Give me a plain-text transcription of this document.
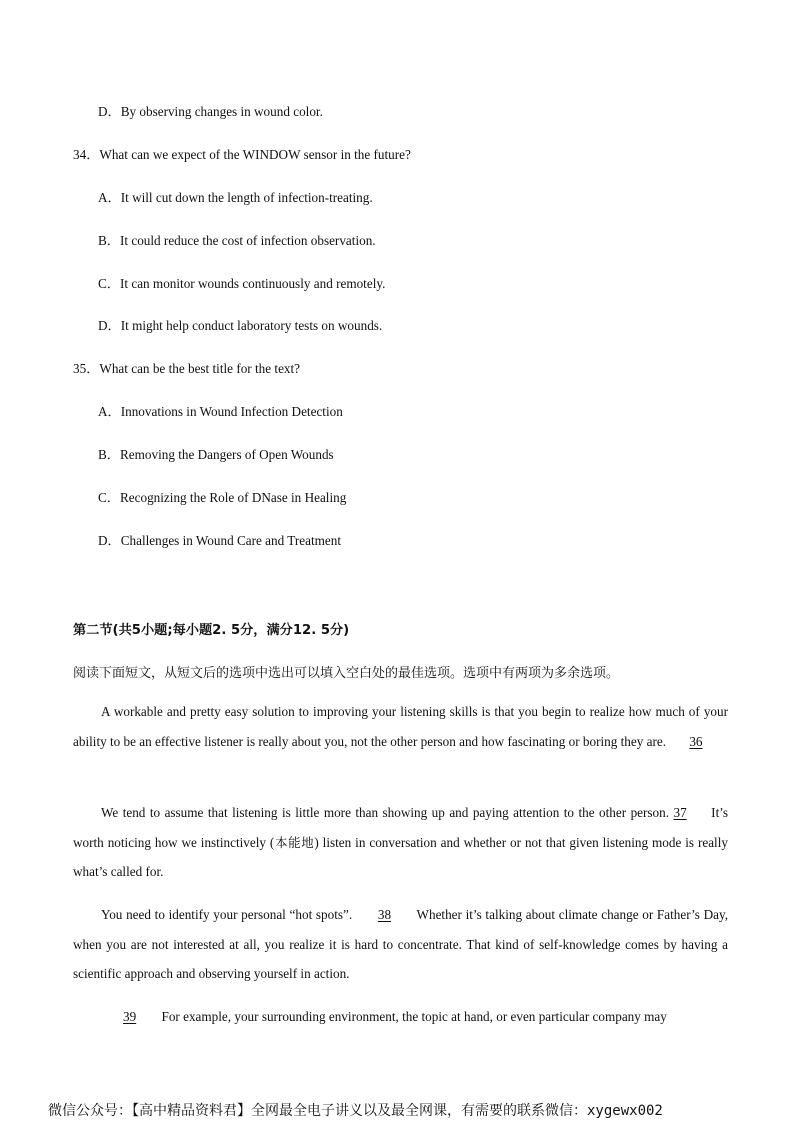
D．By observing changes in wound color.
34．What can we expect of the WINDOW sensor in the future?
A．It will cut down the length of infection-treating.
B．It could reduce the cost of infection observation.
C．It can monitor wounds continuously and remotely.
D．It might help conduct laboratory tests on wounds.
35．What can be the best title for the text?
A．Innovations in Wound Infection Detection
B．Removing the Dangers of Open Wounds
C．Recognizing the Role of DNase in Healing
D．Challenges in Wound Care and Treatment
第二节(共5小题;每小题2. 5分，满分12. 5分)
阅读下面短文，从短文后的选项中选出可以填入空白处的最佳选项。选项中有两项为多余选项。
A workable and pretty easy solution to improving your listening skills is that you begin to realize how much of your ability to be an effective listener is really about you, not the other person and how fascinating or boring they are. 36
We tend to assume that listening is little more than showing up and paying attention to the other person. 37 It’s worth noticing how we instinctively (本能地) listen in conversation and whether or not that given listening mode is really what’s called for.
You need to identify your personal “hot spots”. 38 Whether it’s talking about climate change or Father’s Day, when you are not interested at all, you realize it is hard to concentrate. That kind of self-knowledge comes by having a scientific approach and observing yourself in action.
39 For example, your surrounding environment, the topic at hand, or even particular company may
微信公众号：【高中精品资料君】全网最全电子讲义以及最全网课，有需要的联系微信：xygewx002
